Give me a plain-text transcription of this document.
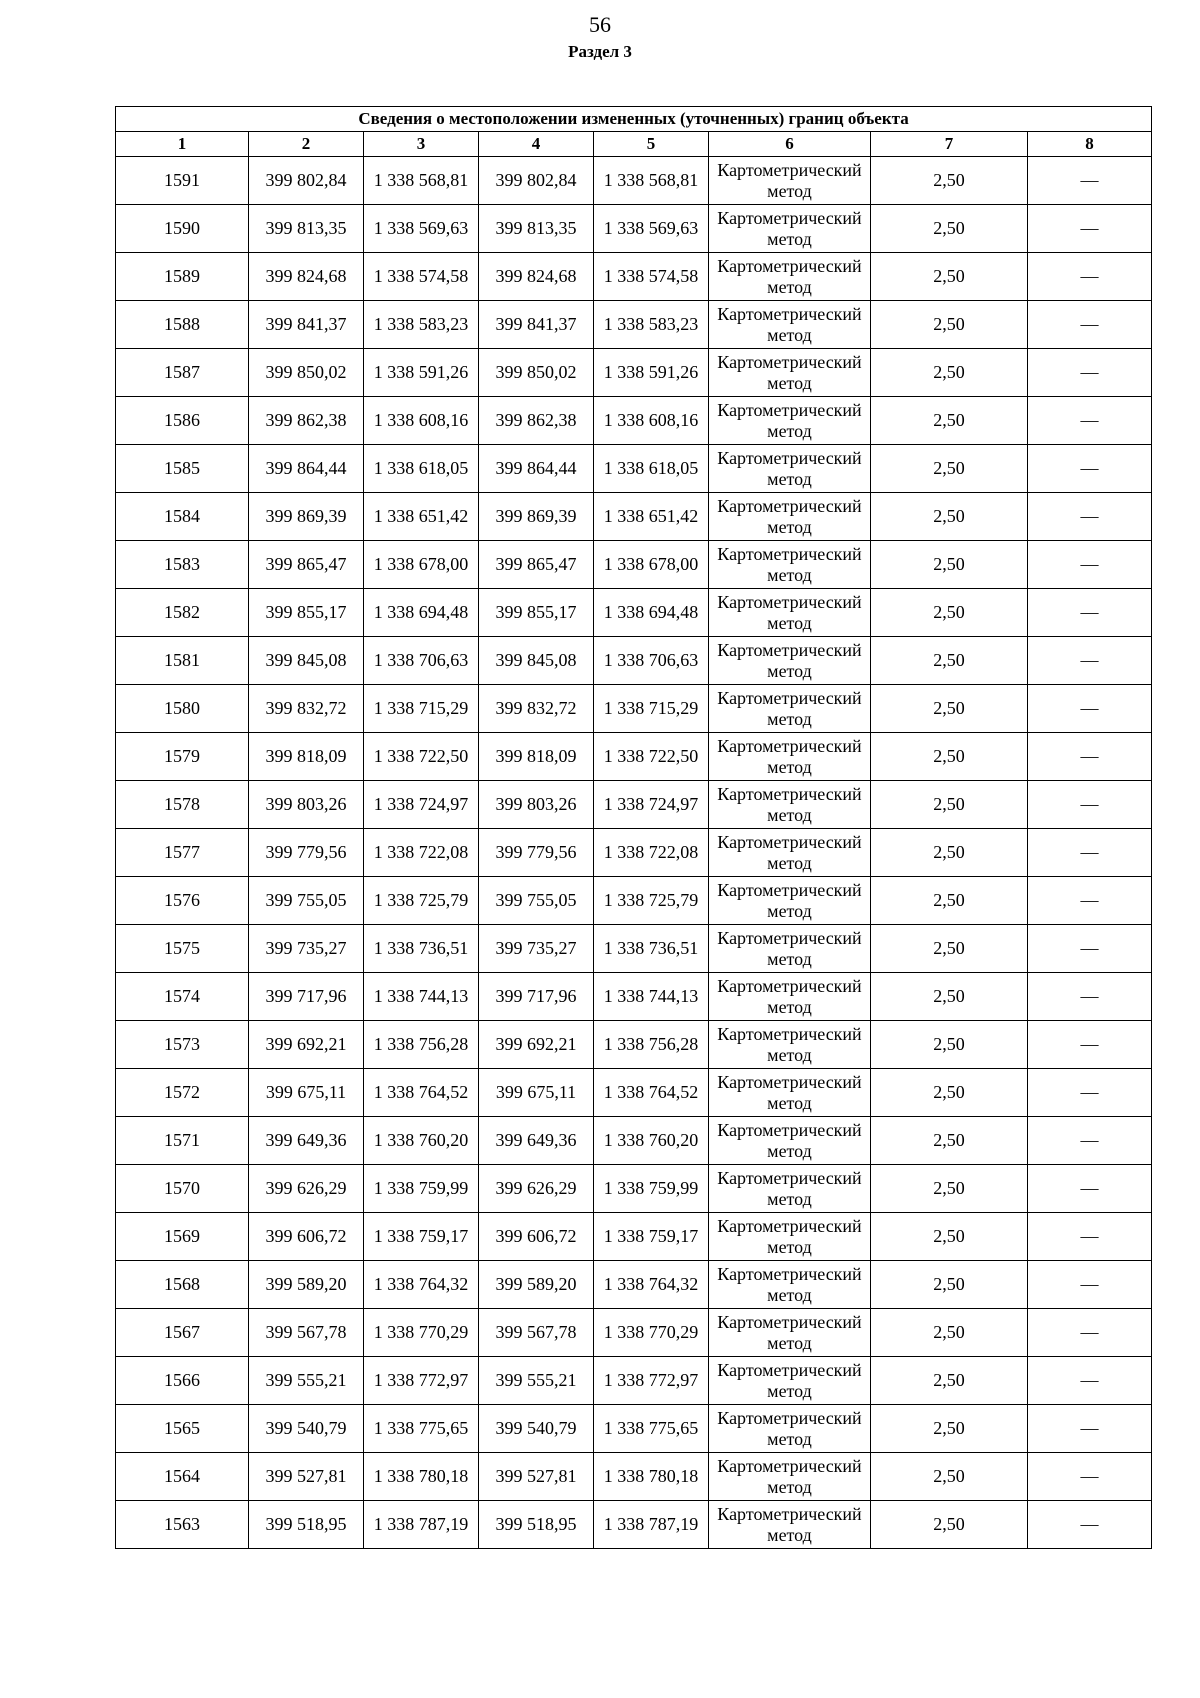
56
Раздел 3
Сведения о местоположении измененных (уточненных) границ объекта							
1	2	3	4	5	6	7	8
1591	399 802,84	1 338 568,81	399 802,84	1 338 568,81	Картометрический метод	2,50	—
1590	399 813,35	1 338 569,63	399 813,35	1 338 569,63	Картометрический метод	2,50	—
1589	399 824,68	1 338 574,58	399 824,68	1 338 574,58	Картометрический метод	2,50	—
1588	399 841,37	1 338 583,23	399 841,37	1 338 583,23	Картометрический метод	2,50	—
1587	399 850,02	1 338 591,26	399 850,02	1 338 591,26	Картометрический метод	2,50	—
1586	399 862,38	1 338 608,16	399 862,38	1 338 608,16	Картометрический метод	2,50	—
1585	399 864,44	1 338 618,05	399 864,44	1 338 618,05	Картометрический метод	2,50	—
1584	399 869,39	1 338 651,42	399 869,39	1 338 651,42	Картометрический метод	2,50	—
1583	399 865,47	1 338 678,00	399 865,47	1 338 678,00	Картометрический метод	2,50	—
1582	399 855,17	1 338 694,48	399 855,17	1 338 694,48	Картометрический метод	2,50	—
1581	399 845,08	1 338 706,63	399 845,08	1 338 706,63	Картометрический метод	2,50	—
1580	399 832,72	1 338 715,29	399 832,72	1 338 715,29	Картометрический метод	2,50	—
1579	399 818,09	1 338 722,50	399 818,09	1 338 722,50	Картометрический метод	2,50	—
1578	399 803,26	1 338 724,97	399 803,26	1 338 724,97	Картометрический метод	2,50	—
1577	399 779,56	1 338 722,08	399 779,56	1 338 722,08	Картометрический метод	2,50	—
1576	399 755,05	1 338 725,79	399 755,05	1 338 725,79	Картометрический метод	2,50	—
1575	399 735,27	1 338 736,51	399 735,27	1 338 736,51	Картометрический метод	2,50	—
1574	399 717,96	1 338 744,13	399 717,96	1 338 744,13	Картометрический метод	2,50	—
1573	399 692,21	1 338 756,28	399 692,21	1 338 756,28	Картометрический метод	2,50	—
1572	399 675,11	1 338 764,52	399 675,11	1 338 764,52	Картометрический метод	2,50	—
1571	399 649,36	1 338 760,20	399 649,36	1 338 760,20	Картометрический метод	2,50	—
1570	399 626,29	1 338 759,99	399 626,29	1 338 759,99	Картометрический метод	2,50	—
1569	399 606,72	1 338 759,17	399 606,72	1 338 759,17	Картометрический метод	2,50	—
1568	399 589,20	1 338 764,32	399 589,20	1 338 764,32	Картометрический метод	2,50	—
1567	399 567,78	1 338 770,29	399 567,78	1 338 770,29	Картометрический метод	2,50	—
1566	399 555,21	1 338 772,97	399 555,21	1 338 772,97	Картометрический метод	2,50	—
1565	399 540,79	1 338 775,65	399 540,79	1 338 775,65	Картометрический метод	2,50	—
1564	399 527,81	1 338 780,18	399 527,81	1 338 780,18	Картометрический метод	2,50	—
1563	399 518,95	1 338 787,19	399 518,95	1 338 787,19	Картометрический метод	2,50	—
